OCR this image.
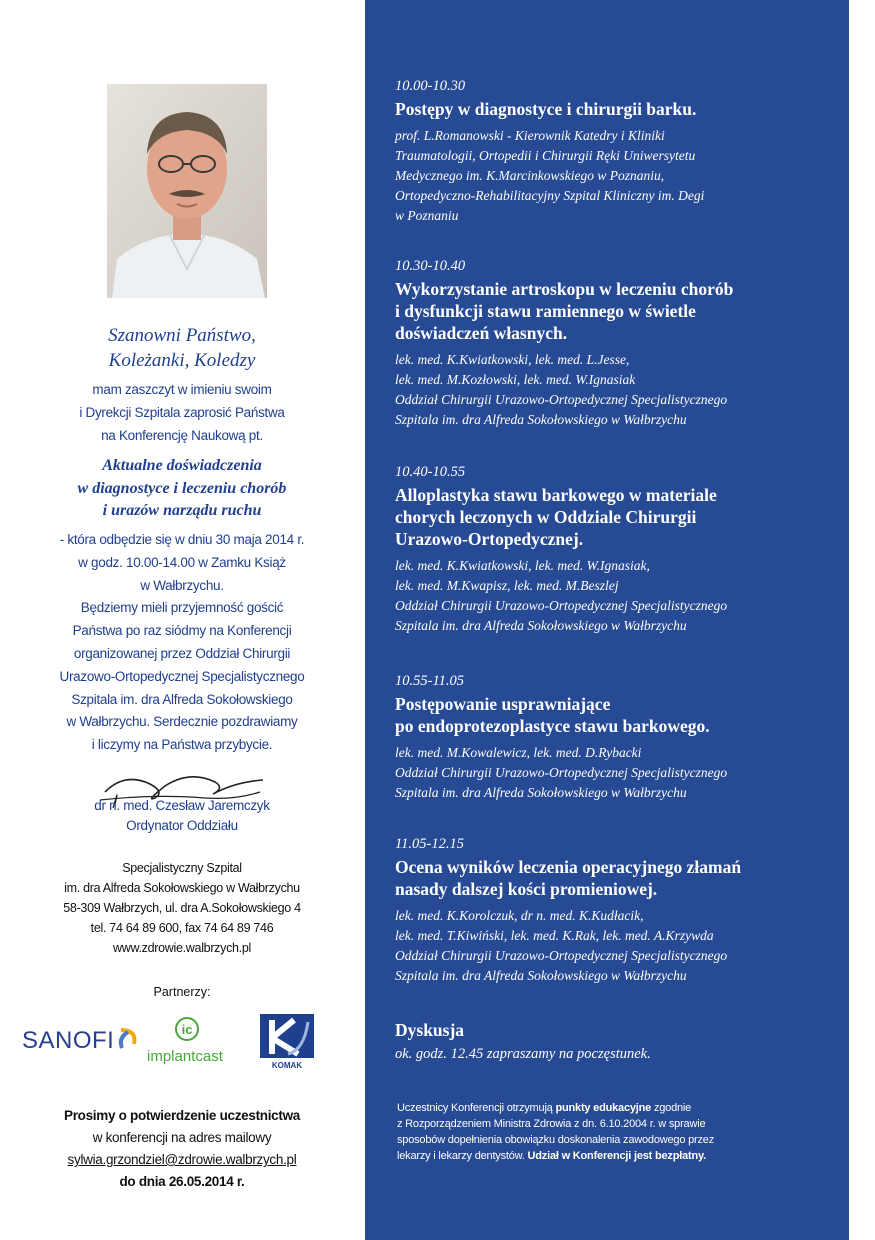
Szanowni Państwo,
Koleżanki, Koledzy
mam zaszczyt w imieniu swoim
i Dyrekcji Szpitala zaprosić Państwa
na Konferencję Naukową pt.
Aktualne doświadczenia
w diagnostyce i leczeniu chorób
i urazów narządu ruchu
- która odbędzie się w dniu 30 maja 2014 r.
w godz. 10.00-14.00 w Zamku Książ
w Wałbrzychu.
Będziemy mieli przyjemność gościć
Państwa po raz siódmy na Konferencji
organizowanej przez Oddział Chirurgii
Urazowo-Ortopedycznej Specjalistycznego
Szpitala im. dra Alfreda Sokołowskiego
w Wałbrzychu. Serdecznie pozdrawiamy
i liczymy na Państwa przybycie.
dr n. med. Czesław Jaremczyk
Ordynator Oddziału
Specjalistyczny Szpital
im. dra Alfreda Sokołowskiego w Wałbrzychu
58-309 Wałbrzych, ul. dra A.Sokołowskiego 4
tel. 74 64 89 600, fax 74 64 89 746
www.zdrowie.walbrzych.pl
Partnerzy:
SANOFI	ic
implantcast
KOMAK
Prosimy o potwierdzenie uczestnictwa
w konferencji na adres mailowy
sylwia.grzondziel@zdrowie.walbrzych.pl
do dnia 26.05.2014 r.
10.00-10.30
Postępy w diagnostyce i chirurgii barku.
prof. L.Romanowski - Kierownik Katedry i Kliniki
Traumatologii, Ortopedii i Chirurgii Ręki Uniwersytetu
Medycznego im. K.Marcinkowskiego w Poznaniu,
Ortopedyczno-Rehabilitacyjny Szpital Kliniczny im. Degi
w Poznaniu
10.30-10.40
Wykorzystanie artroskopu w leczeniu chorób
i dysfunkcji stawu ramiennego w świetle
doświadczeń własnych.
lek. med. K.Kwiatkowski, lek. med. L.Jesse,
lek. med. M.Kozłowski, lek. med. W.Ignasiak
Oddział Chirurgii Urazowo-Ortopedycznej Specjalistycznego
Szpitala im. dra Alfreda Sokołowskiego w Wałbrzychu
10.40-10.55
Alloplastyka stawu barkowego w materiale
chorych leczonych w Oddziale Chirurgii
Urazowo-Ortopedycznej.
lek. med. K.Kwiatkowski, lek. med. W.Ignasiak,
lek. med. M.Kwapisz, lek. med. M.Beszlej
Oddział Chirurgii Urazowo-Ortopedycznej Specjalistycznego
Szpitala im. dra Alfreda Sokołowskiego w Wałbrzychu
10.55-11.05
Postępowanie usprawniające
po endoprotezoplastyce stawu barkowego.
lek. med. M.Kowalewicz, lek. med. D.Rybacki
Oddział Chirurgii Urazowo-Ortopedycznej Specjalistycznego
Szpitala im. dra Alfreda Sokołowskiego w Wałbrzychu
11.05-12.15
Ocena wyników leczenia operacyjnego złamań
nasady dalszej kości promieniowej.
lek. med. K.Korolczuk, dr n. med. K.Kudłacik,
lek. med. T.Kiwiński, lek. med. K.Rak, lek. med. A.Krzywda
Oddział Chirurgii Urazowo-Ortopedycznej Specjalistycznego
Szpitala im. dra Alfreda Sokołowskiego w Wałbrzychu
Dyskusja
ok. godz. 12.45 zapraszamy na poczęstunek.
Uczestnicy Konferencji otrzymują punkty edukacyjne zgodnie
z Rozporządzeniem Ministra Zdrowia z dn. 6.10.2004 r. w sprawie
sposobów dopełnienia obowiązku doskonalenia zawodowego przez
lekarzy i lekarzy dentystów. Udział w Konferencji jest bezpłatny.
